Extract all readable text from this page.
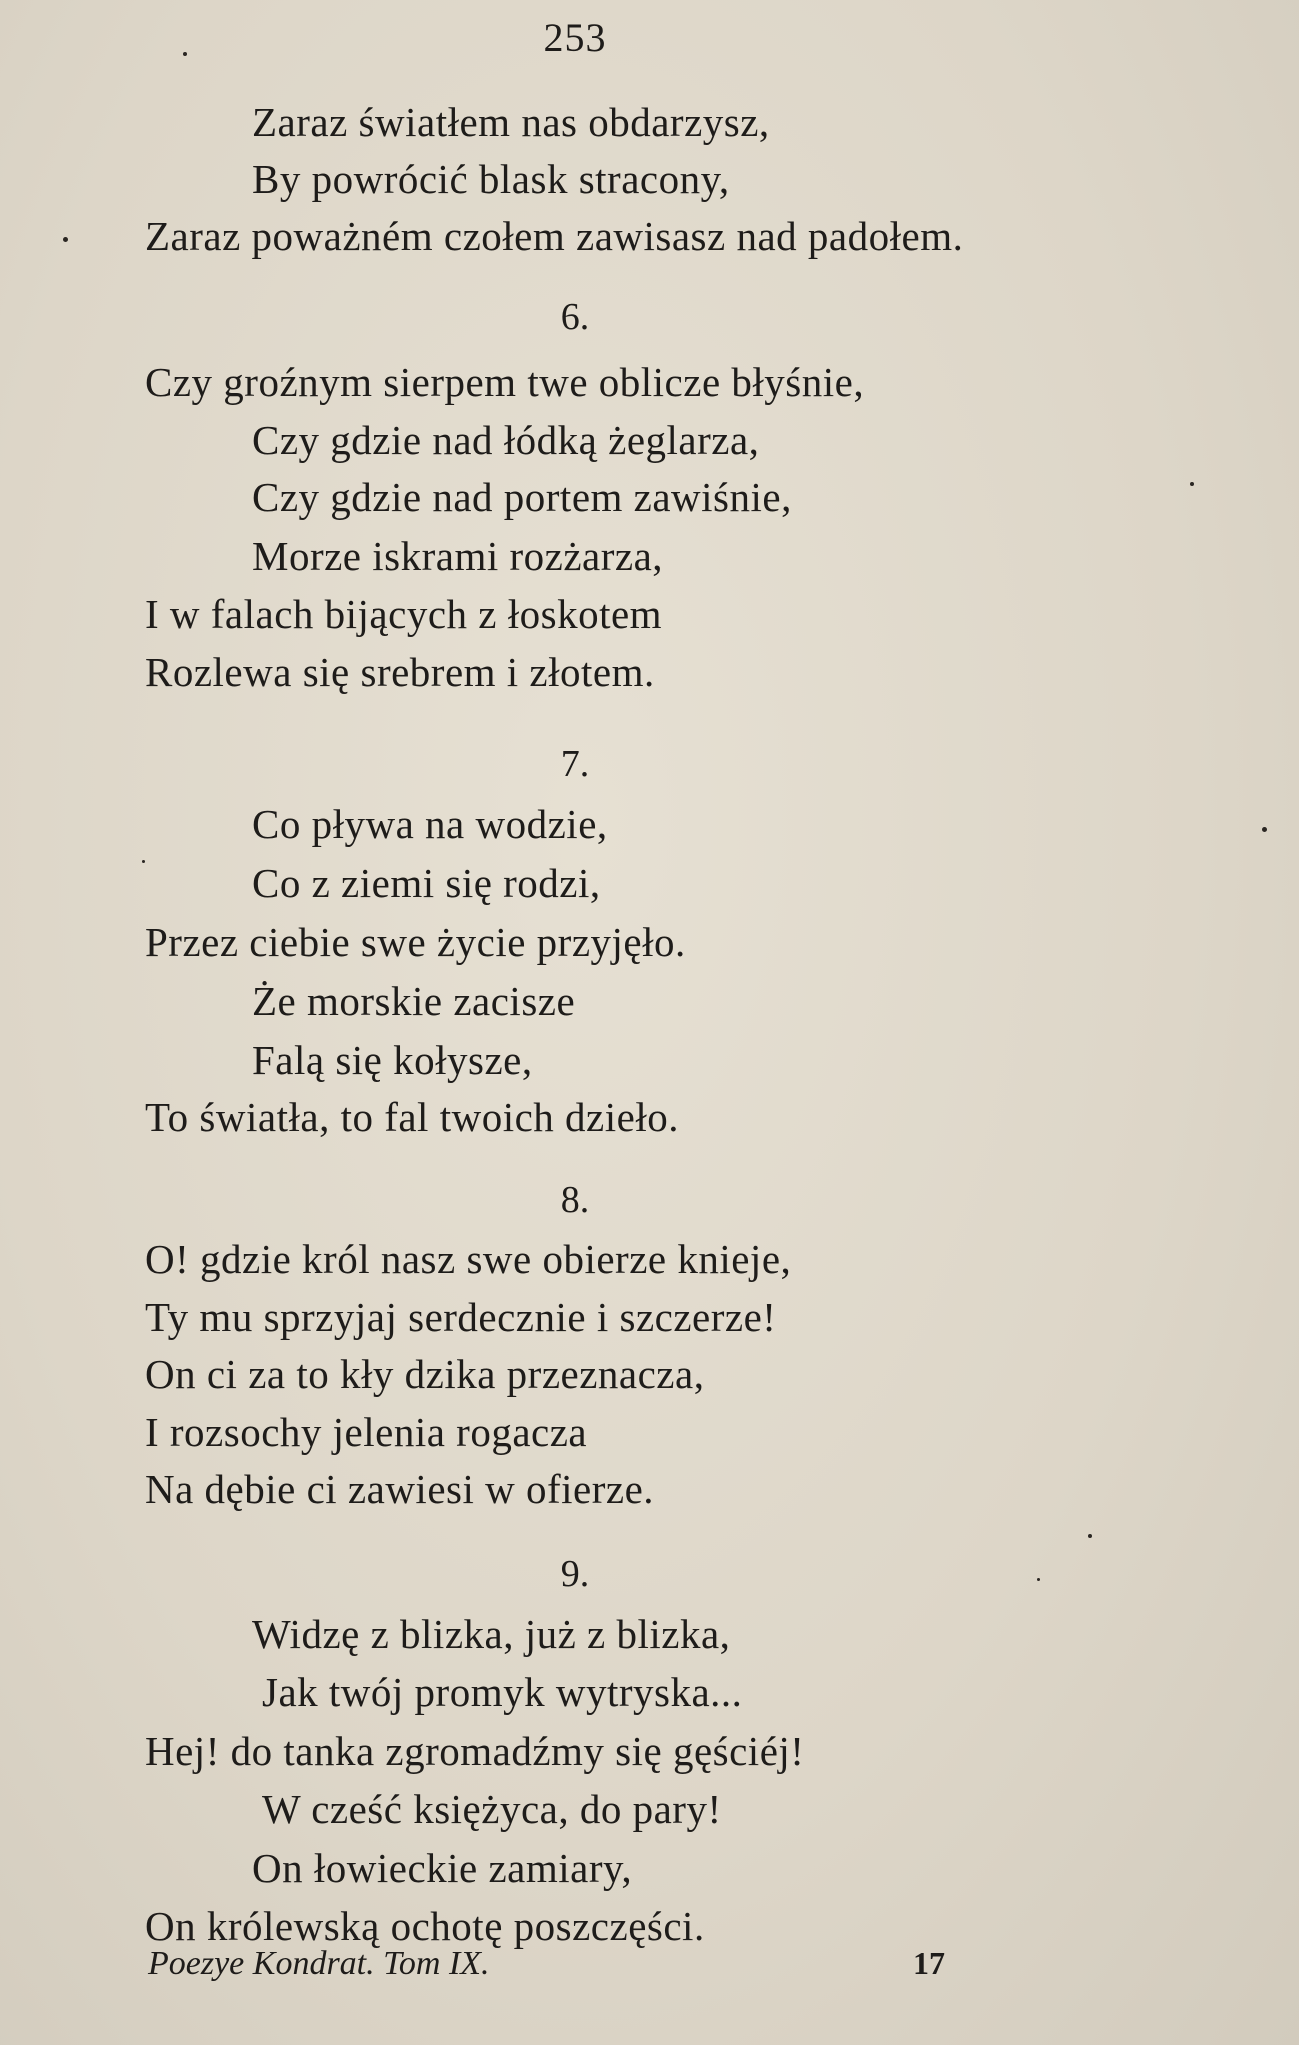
253
Zaraz światłem nas obdarzysz,
By powrócić blask stracony,
Zaraz poważném czołem zawisasz nad padołem.
6.
Czy groźnym sierpem twe oblicze błyśnie,
Czy gdzie nad łódką żeglarza,
Czy gdzie nad portem zawiśnie,
Morze iskrami rozżarza,
I w falach bijących z łoskotem
Rozlewa się srebrem i złotem.
7.
Co pływa na wodzie,
Co z ziemi się rodzi,
Przez ciebie swe życie przyjęło.
Że morskie zacisze
Falą się kołysze,
To światła, to fal twoich dzieło.
8.
O! gdzie król nasz swe obierze knieje,
Ty mu sprzyjaj serdecznie i szczerze!
On ci za to kły dzika przeznacza,
I rozsochy jelenia rogacza
Na dębie ci zawiesi w ofierze.
9.
Widzę z blizka, już z blizka,
Jak twój promyk wytryska...
Hej! do tanka zgromadźmy się gęściéj!
W cześć księżyca, do pary!
On łowieckie zamiary,
On królewską ochotę poszczęści.
Poezye Kondrat. Tom IX.	17
